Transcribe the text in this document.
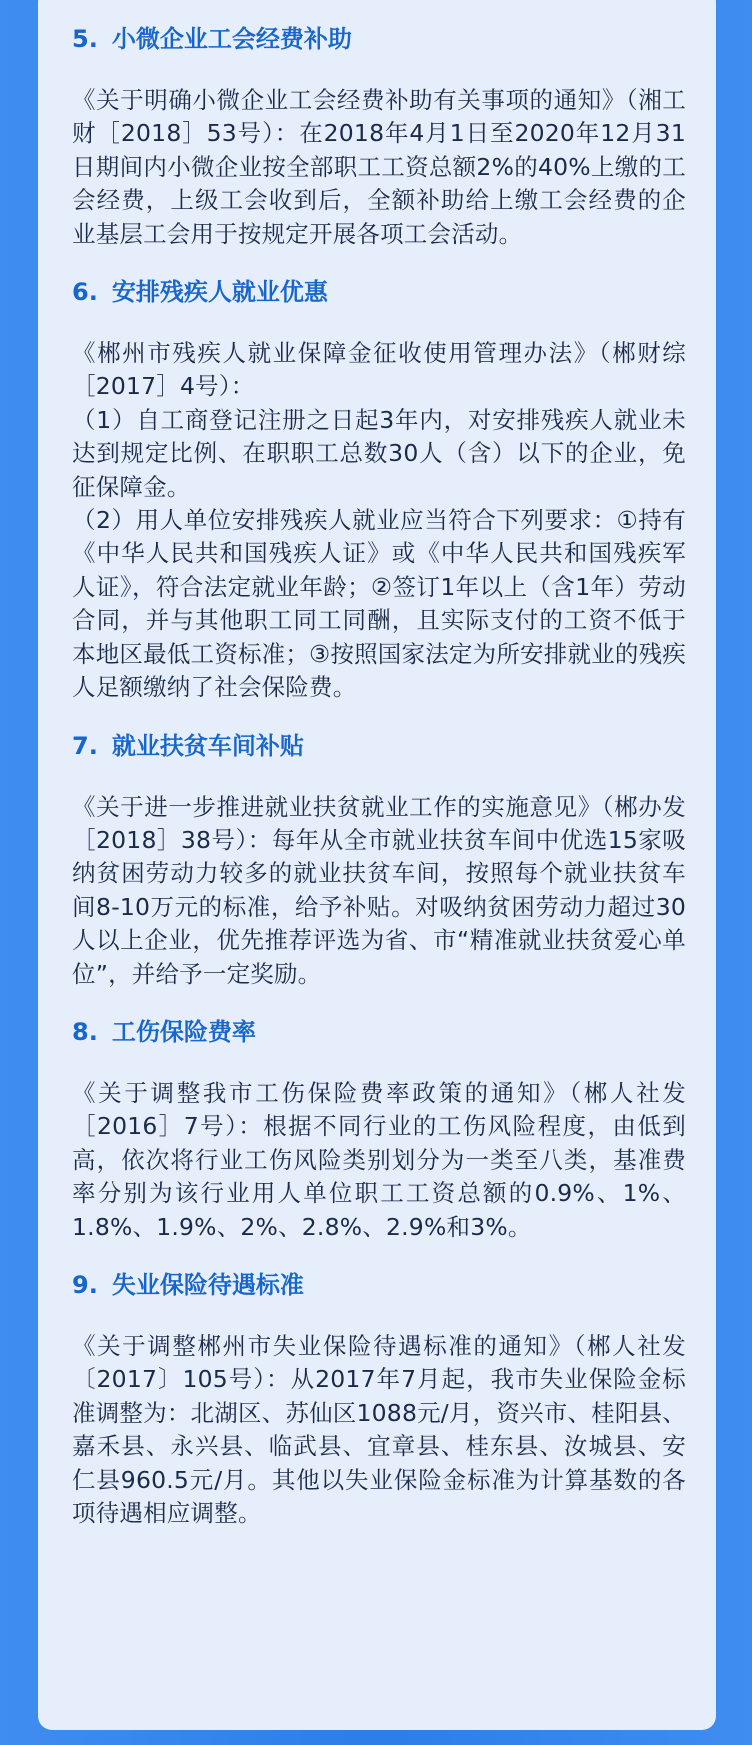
5. 小微企业工会经费补助

《关于明确小微企业工会经费补助有关事项的通知》（湘工财［2018］53号）：在2018年4月1日至2020年12月31日期间内小微企业按全部职工工资总额2%的40%上缴的工会经费，上级工会收到后，全额补助给上缴工会经费的企业基层工会用于按规定开展各项工会活动。

6. 安排残疾人就业优惠

《郴州市残疾人就业保障金征收使用管理办法》（郴财综［2017］4号）：

（1）自工商登记注册之日起3年内，对安排残疾人就业未达到规定比例、在职职工总数30人（含）以下的企业，免征保障金。

（2）用人单位安排残疾人就业应当符合下列要求：①持有《中华人民共和国残疾人证》或《中华人民共和国残疾军人证》，符合法定就业年龄；②签订1年以上（含1年）劳动合同，并与其他职工同工同酬，且实际支付的工资不低于本地区最低工资标准；③按照国家法定为所安排就业的残疾人足额缴纳了社会保险费。

7. 就业扶贫车间补贴

《关于进一步推进就业扶贫就业工作的实施意见》（郴办发［2018］38号）：每年从全市就业扶贫车间中优选15家吸纳贫困劳动力较多的就业扶贫车间，按照每个就业扶贫车间8-10万元的标准，给予补贴。对吸纳贫困劳动力超过30人以上企业，优先推荐评选为省、市“精准就业扶贫爱心单位”，并给予一定奖励。

8. 工伤保险费率

《关于调整我市工伤保险费率政策的通知》（郴人社发［2016］7号）：根据不同行业的工伤风险程度，由低到高，依次将行业工伤风险类别划分为一类至八类，基准费率分别为该行业用人单位职工工资总额的0.9%、1%、1.8%、1.9%、2%、2.8%、2.9%和3%。

9. 失业保险待遇标准

《关于调整郴州市失业保险待遇标准的通知》（郴人社发〔2017〕105号）：从2017年7月起，我市失业保险金标准调整为：北湖区、苏仙区1088元/月，资兴市、桂阳县、嘉禾县、永兴县、临武县、宜章县、桂东县、汝城县、安仁县960.5元/月。其他以失业保险金标准为计算基数的各项待遇相应调整。
